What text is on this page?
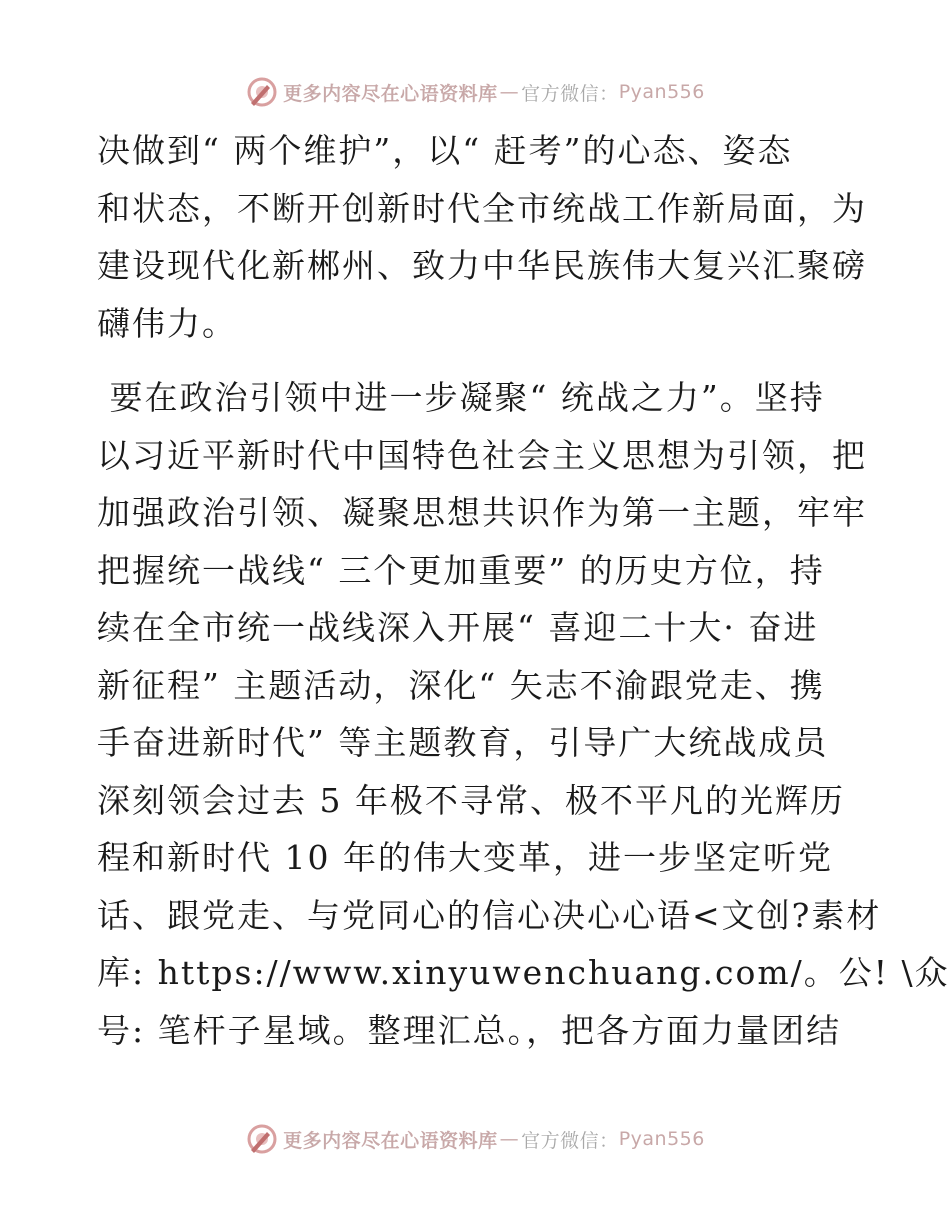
更多内容尽在心语资料库 — 官方微信： Pyan556
决做到“ 两个维护”，以“ 赶考”的心态、姿态
和状态，不断开创新时代全市统战工作新局面，为
建设现代化新郴州、致力中华民族伟大复兴汇聚磅
礴伟力。
要在政治引领中进一步凝聚“ 统战之力”。坚持
以习近平新时代中国特色社会主义思想为引领，把
加强政治引领、凝聚思想共识作为第一主题，牢牢
把握统一战线“ 三个更加重要” 的历史方位，持
续在全市统一战线深入开展“ 喜迎二十大· 奋进
新征程” 主题活动，深化“ 矢志不渝跟党走、携
手奋进新时代” 等主题教育，引导广大统战成员
深刻领会过去 5 年极不寻常、极不平凡的光辉历
程和新时代 10 年的伟大变革，进一步坚定听党
话、跟党走、与党同心的信心决心心语<文创?素材
库: https://www.xinyuwenchuang.com/。公! \众
号: 笔杆子星域。整理汇总。，把各方面力量团结
更多内容尽在心语资料库 — 官方微信： Pyan556
